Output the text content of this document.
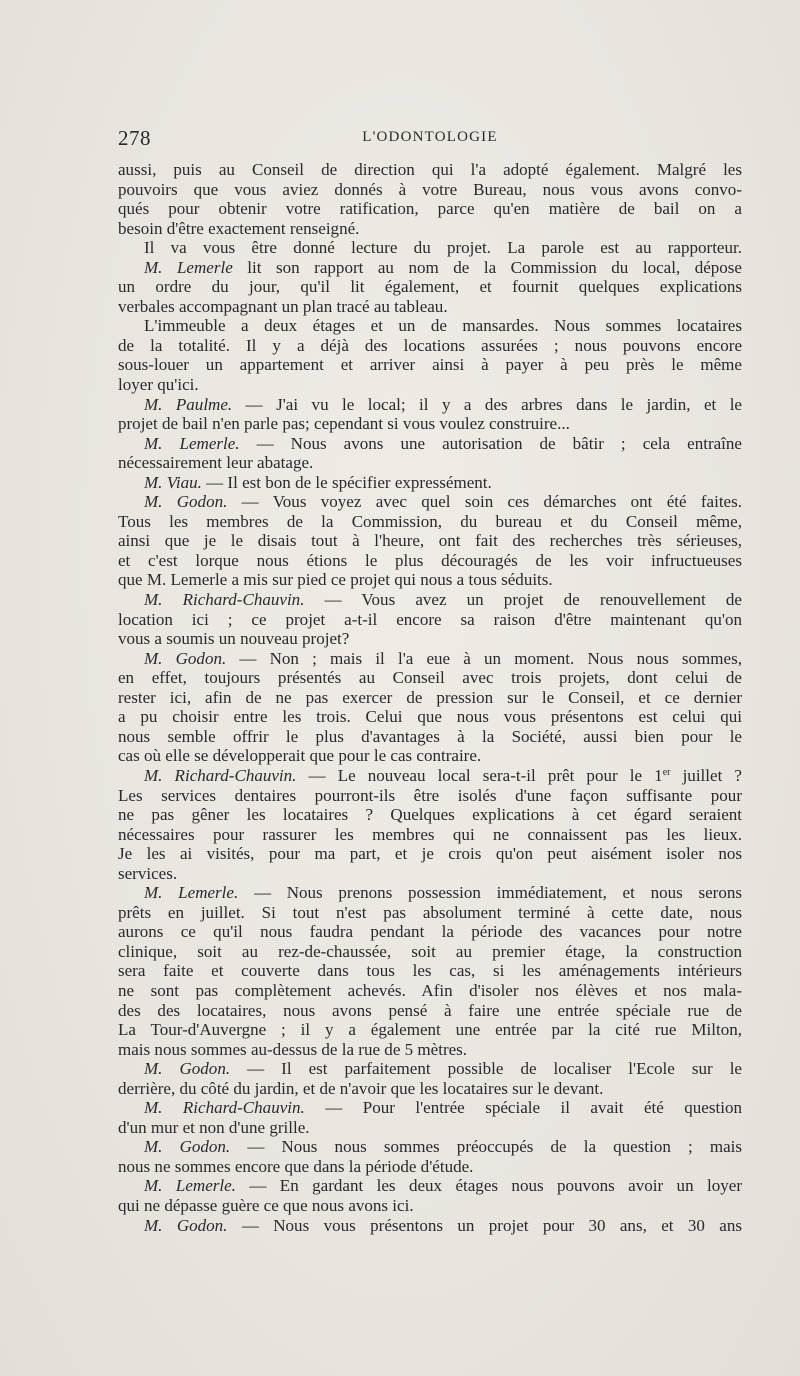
278	L'ODONTOLOGIE

aussi, puis au Conseil de direction qui l'a adopté également. Malgré les

pouvoirs que vous aviez donnés à votre Bureau, nous vous avons convo-

qués pour obtenir votre ratification, parce qu'en matière de bail on a

besoin d'être exactement renseigné.

Il va vous être donné lecture du projet. La parole est au rapporteur.

M. Lemerle lit son rapport au nom de la Commission du local, dépose

un ordre du jour, qu'il lit également, et fournit quelques explications

verbales accompagnant un plan tracé au tableau.

L'immeuble a deux étages et un de mansardes. Nous sommes locataires

de la totalité. Il y a déjà des locations assurées ; nous pouvons encore

sous-louer un appartement et arriver ainsi à payer à peu près le même

loyer qu'ici.

M. Paulme. — J'ai vu le local; il y a des arbres dans le jardin, et le

projet de bail n'en parle pas; cependant si vous voulez construire...

M. Lemerle. — Nous avons une autorisation de bâtir ; cela entraîne

nécessairement leur abatage.

M. Viau. — Il est bon de le spécifier expressément.

M. Godon. — Vous voyez avec quel soin ces démarches ont été faites.

Tous les membres de la Commission, du bureau et du Conseil même,

ainsi que je le disais tout à l'heure, ont fait des recherches très sérieuses,

et c'est lorque nous étions le plus découragés de les voir infructueuses

que M. Lemerle a mis sur pied ce projet qui nous a tous séduits.

M. Richard-Chauvin. — Vous avez un projet de renouvellement de

location ici ; ce projet a-t-il encore sa raison d'être maintenant qu'on

vous a soumis un nouveau projet?

M. Godon. — Non ; mais il l'a eue à un moment. Nous nous sommes,

en effet, toujours présentés au Conseil avec trois projets, dont celui de

rester ici, afin de ne pas exercer de pression sur le Conseil, et ce dernier

a pu choisir entre les trois. Celui que nous vous présentons est celui qui

nous semble offrir le plus d'avantages à la Société, aussi bien pour le

cas où elle se développerait que pour le cas contraire.

M. Richard-Chauvin. — Le nouveau local sera-t-il prêt pour le 1er juillet ?

Les services dentaires pourront-ils être isolés d'une façon suffisante pour

ne pas gêner les locataires ? Quelques explications à cet égard seraient

nécessaires pour rassurer les membres qui ne connaissent pas les lieux.

Je les ai visités, pour ma part, et je crois qu'on peut aisément isoler nos

services.

M. Lemerle. — Nous prenons possession immédiatement, et nous serons

prêts en juillet. Si tout n'est pas absolument terminé à cette date, nous

aurons ce qu'il nous faudra pendant la période des vacances pour notre

clinique, soit au rez-de-chaussée, soit au premier étage, la construction

sera faite et couverte dans tous les cas, si les aménagements intérieurs

ne sont pas complètement achevés. Afin d'isoler nos élèves et nos mala-

des des locataires, nous avons pensé à faire une entrée spéciale rue de

La Tour-d'Auvergne ; il y a également une entrée par la cité rue Milton,

mais nous sommes au-dessus de la rue de 5 mètres.

M. Godon. — Il est parfaitement possible de localiser l'Ecole sur le

derrière, du côté du jardin, et de n'avoir que les locataires sur le devant.

M. Richard-Chauvin. — Pour l'entrée spéciale il avait été question

d'un mur et non d'une grille.

M. Godon. — Nous nous sommes préoccupés de la question ; mais

nous ne sommes encore que dans la période d'étude.

M. Lemerle. — En gardant les deux étages nous pouvons avoir un loyer

qui ne dépasse guère ce que nous avons ici.

M. Godon. — Nous vous présentons un projet pour 30 ans, et 30 ans
